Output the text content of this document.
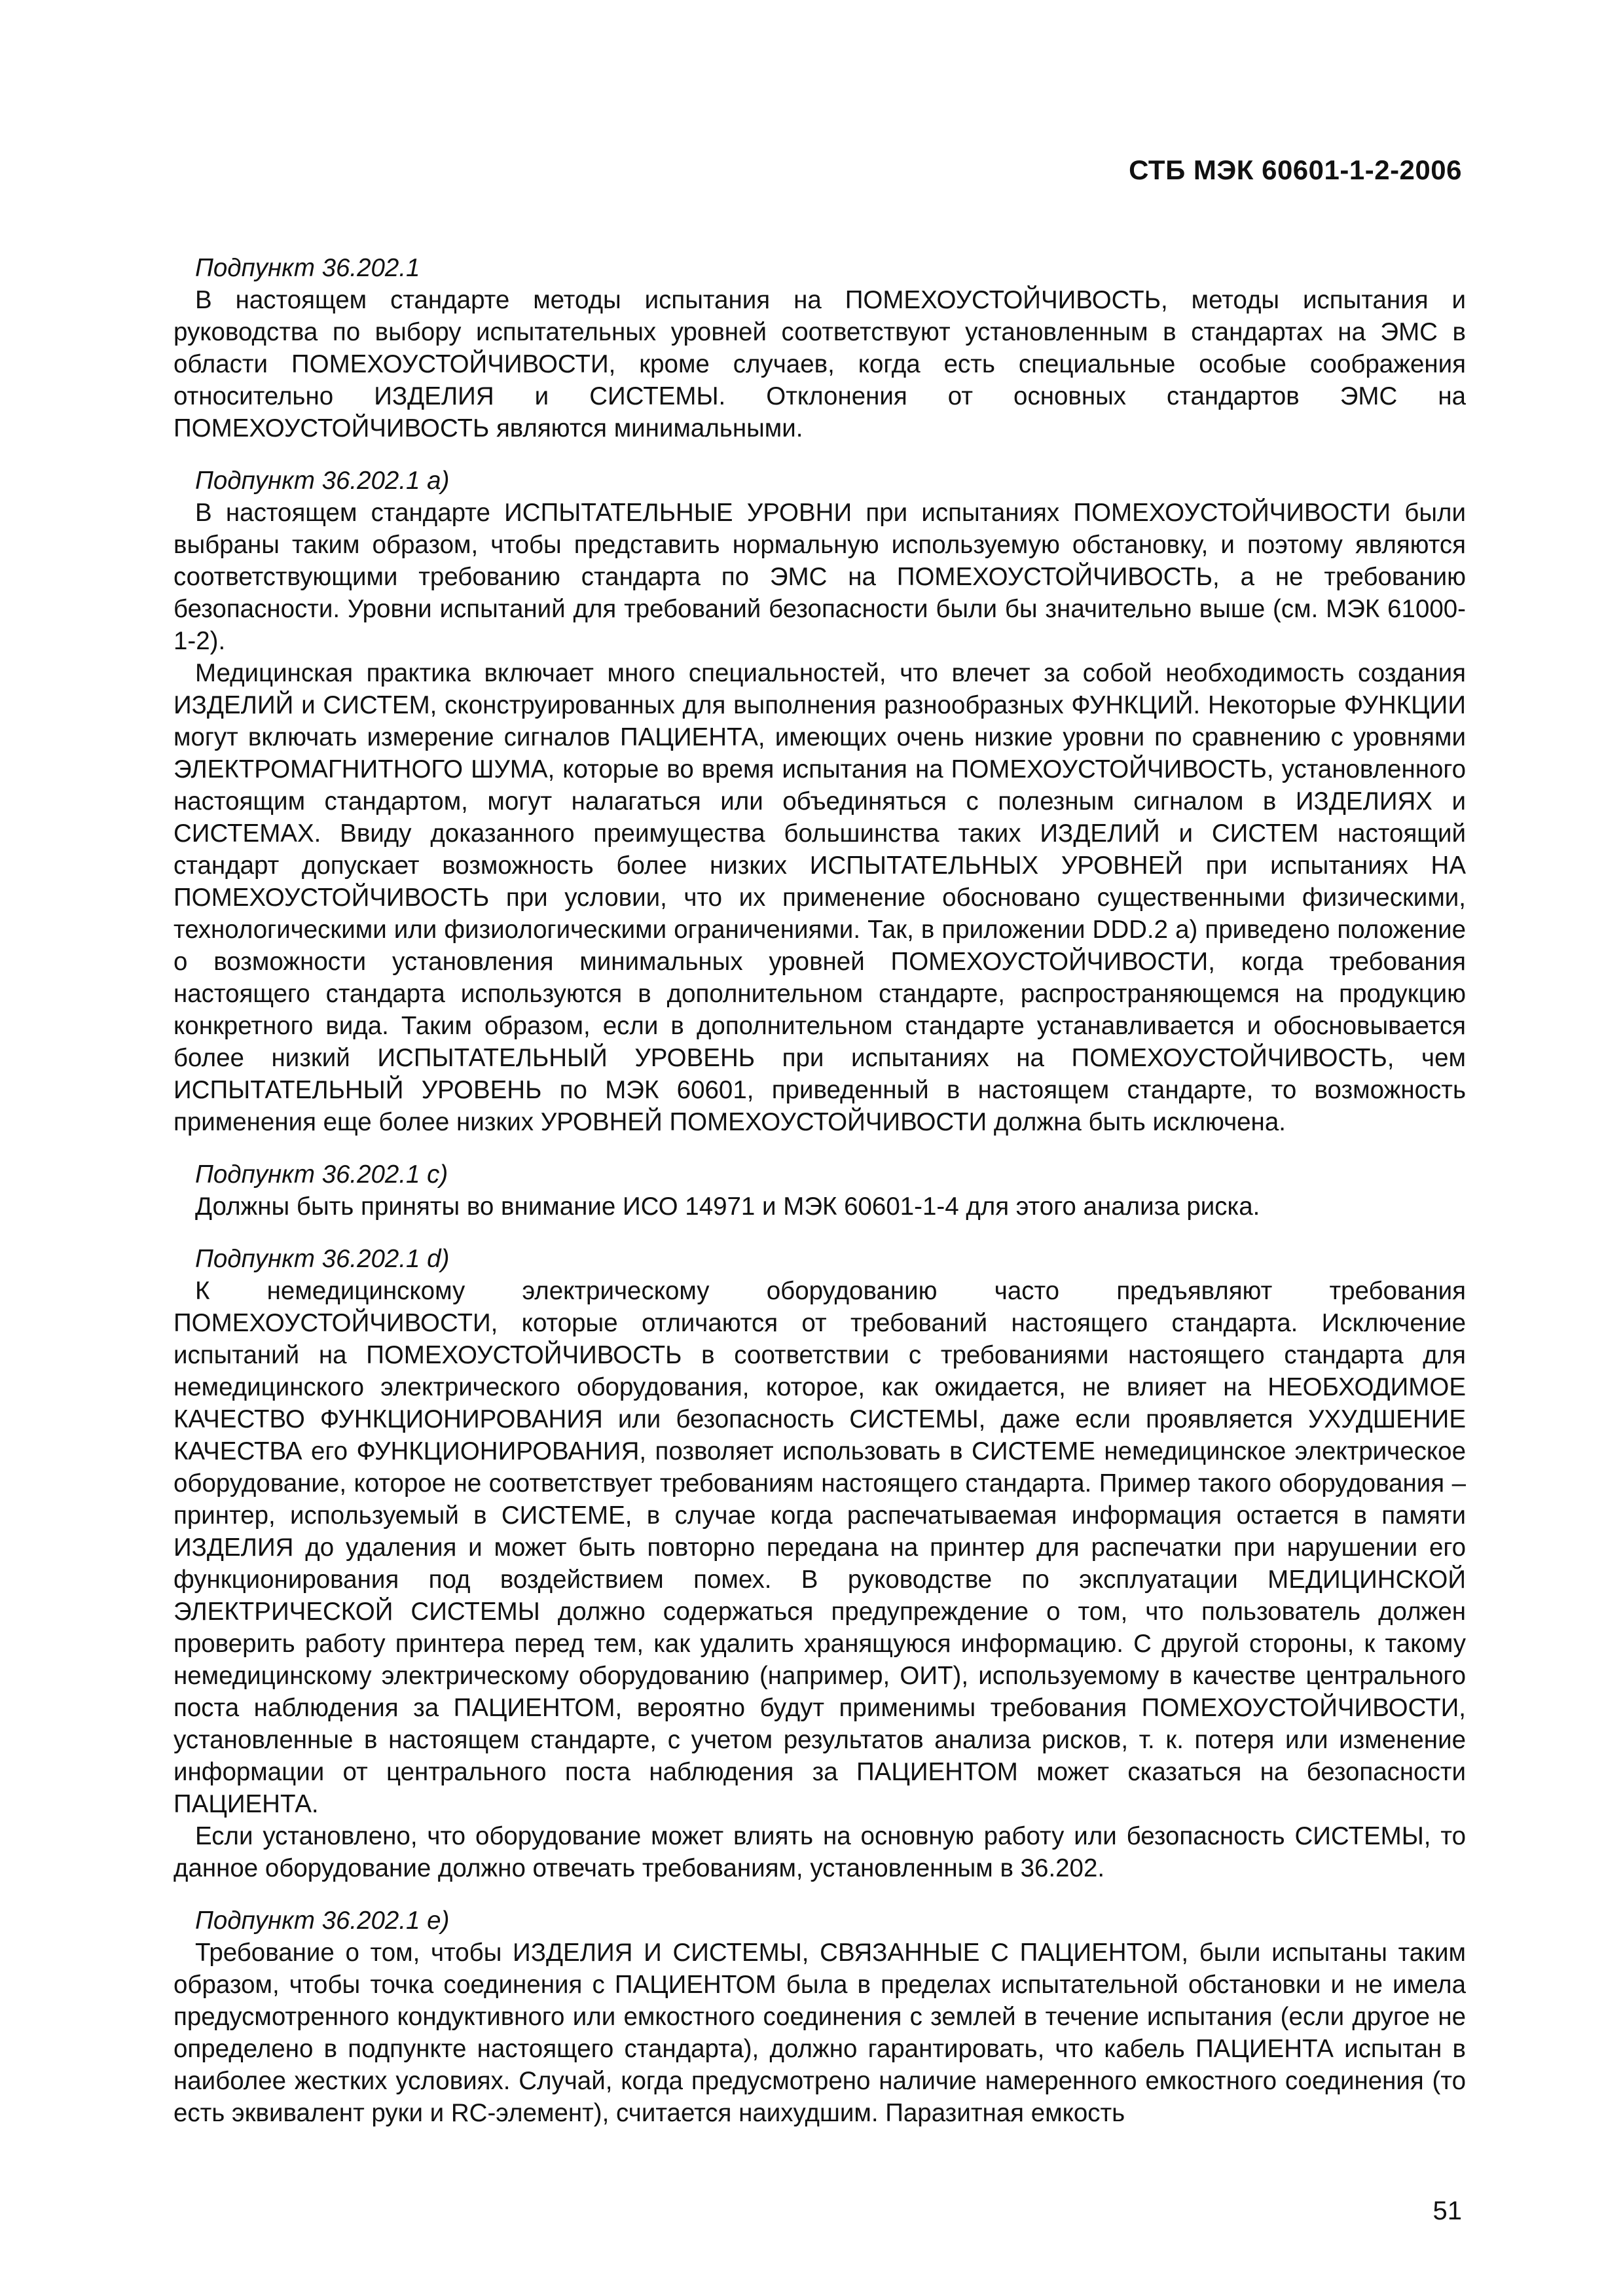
СТБ МЭК 60601-1-2-2006

Подпункт 36.202.1

В настоящем стандарте методы испытания на ПОМЕХОУСТОЙЧИВОСТЬ, методы испытания и руководства по выбору испытательных уровней соответствуют установленным в стандартах на ЭМС в области ПОМЕХОУСТОЙЧИВОСТИ, кроме случаев, когда есть специальные особые соображения относительно ИЗДЕЛИЯ и СИСТЕМЫ. Отклонения от основных стандартов ЭМС на ПОМЕХОУСТОЙЧИВОСТЬ являются минимальными.

Подпункт 36.202.1 а)

В настоящем стандарте ИСПЫТАТЕЛЬНЫЕ УРОВНИ при испытаниях ПОМЕХОУСТОЙЧИВОСТИ были выбраны таким образом, чтобы представить нормальную используемую обстановку, и поэтому являются соответствующими требованию стандарта по ЭМС на ПОМЕХОУСТОЙЧИВОСТЬ, а не требованию безопасности. Уровни испытаний для требований безопасности были бы значительно выше (см. МЭК 61000-1-2).

Медицинская практика включает много специальностей, что влечет за собой необходимость создания ИЗДЕЛИЙ и СИСТЕМ, сконструированных для выполнения разнообразных ФУНКЦИЙ. Некоторые ФУНКЦИИ могут включать измерение сигналов ПАЦИЕНТА, имеющих очень низкие уровни по сравнению с уровнями ЭЛЕКТРОМАГНИТНОГО ШУМА, которые во время испытания на ПОМЕХОУСТОЙЧИВОСТЬ, установленного настоящим стандартом, могут налагаться или объединяться с полезным сигналом в ИЗДЕЛИЯХ и СИСТЕМАХ. Ввиду доказанного преимущества большинства таких ИЗДЕЛИЙ и СИСТЕМ настоящий стандарт допускает возможность более низких ИСПЫТАТЕЛЬНЫХ УРОВНЕЙ при испытаниях НА ПОМЕХОУСТОЙЧИВОСТЬ при условии, что их применение обосновано существенными физическими, технологическими или физиологическими ограничениями. Так, в приложении DDD.2 а) приведено положение о возможности установления минимальных уровней ПОМЕХОУСТОЙЧИВОСТИ, когда требования настоящего стандарта используются в дополнительном стандарте, распространяющемся на продукцию конкретного вида. Таким образом, если в дополнительном стандарте устанавливается и обосновывается более низкий ИСПЫТАТЕЛЬНЫЙ УРОВЕНЬ при испытаниях на ПОМЕХОУСТОЙЧИВОСТЬ, чем ИСПЫТАТЕЛЬНЫЙ УРОВЕНЬ по МЭК 60601, приведенный в настоящем стандарте, то возможность применения еще более низких УРОВНЕЙ ПОМЕХОУСТОЙЧИВОСТИ должна быть исключена.

Подпункт 36.202.1 с)

Должны быть приняты во внимание ИСО 14971 и МЭК 60601-1-4 для этого анализа риска.

Подпункт 36.202.1 d)

К немедицинскому электрическому оборудованию часто предъявляют требования ПОМЕХОУСТОЙЧИВОСТИ, которые отличаются от требований настоящего стандарта. Исключение испытаний на ПОМЕХОУСТОЙЧИВОСТЬ в соответствии с требованиями настоящего стандарта для немедицинского электрического оборудования, которое, как ожидается, не влияет на НЕОБХОДИМОЕ КАЧЕСТВО ФУНКЦИОНИРОВАНИЯ или безопасность СИСТЕМЫ, даже если проявляется УХУДШЕНИЕ КАЧЕСТВА его ФУНКЦИОНИРОВАНИЯ, позволяет использовать в СИСТЕМЕ немедицинское электрическое оборудование, которое не соответствует требованиям настоящего стандарта. Пример такого оборудования – принтер, используемый в СИСТЕМЕ, в случае когда распечатываемая информация остается в памяти ИЗДЕЛИЯ до удаления и может быть повторно передана на принтер для распечатки при нарушении его функционирования под воздействием помех. В руководстве по эксплуатации МЕДИЦИНСКОЙ ЭЛЕКТРИЧЕСКОЙ СИСТЕМЫ должно содержаться предупреждение о том, что пользователь должен проверить работу принтера перед тем, как удалить хранящуюся информацию. С другой стороны, к такому немедицинскому электрическому оборудованию (например, ОИТ), используемому в качестве центрального поста наблюдения за ПАЦИЕНТОМ, вероятно будут применимы требования ПОМЕХОУСТОЙЧИВОСТИ, установленные в настоящем стандарте, с учетом результатов анализа рисков, т. к. потеря или изменение информации от центрального поста наблюдения за ПАЦИЕНТОМ может сказаться на безопасности ПАЦИЕНТА.

Если установлено, что оборудование может влиять на основную работу или безопасность СИСТЕМЫ, то данное оборудование должно отвечать требованиям, установленным в 36.202.

Подпункт 36.202.1 е)

Требование о том, чтобы ИЗДЕЛИЯ И СИСТЕМЫ, СВЯЗАННЫЕ С ПАЦИЕНТОМ, были испытаны таким образом, чтобы точка соединения с ПАЦИЕНТОМ была в пределах испытательной обстановки и не имела предусмотренного кондуктивного или емкостного соединения с землей в течение испытания (если другое не определено в подпункте настоящего стандарта), должно гарантировать, что кабель ПАЦИЕНТА испытан в наиболее жестких условиях. Случай, когда предусмотрено наличие намеренного емкостного соединения (то есть эквивалент руки и RC-элемент), считается наихудшим. Паразитная емкость

51
